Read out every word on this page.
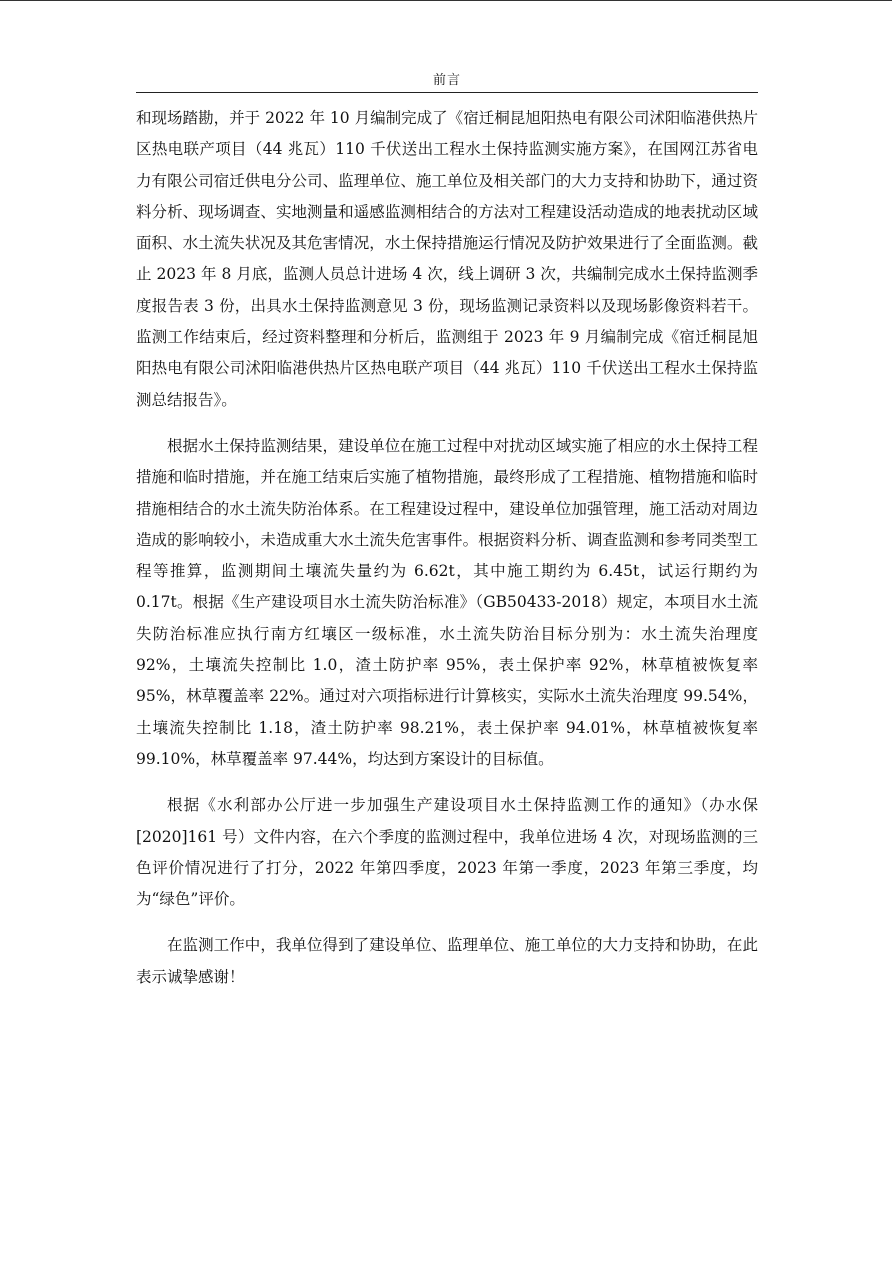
前言

和现场踏勘，并于 2022 年 10 月编制完成了《宿迁桐昆旭阳热电有限公司沭阳临港供热片区热电联产项目（44 兆瓦）110 千伏送出工程水土保持监测实施方案》，在国网江苏省电力有限公司宿迁供电分公司、监理单位、施工单位及相关部门的大力支持和协助下，通过资料分析、现场调查、实地测量和遥感监测相结合的方法对工程建设活动造成的地表扰动区域面积、水土流失状况及其危害情况，水土保持措施运行情况及防护效果进行了全面监测。截止 2023 年 8 月底，监测人员总计进场 4 次，线上调研 3 次，共编制完成水土保持监测季度报告表 3 份，出具水土保持监测意见 3 份，现场监测记录资料以及现场影像资料若干。监测工作结束后，经过资料整理和分析后，监测组于 2023 年 9 月编制完成《宿迁桐昆旭阳热电有限公司沭阳临港供热片区热电联产项目（44 兆瓦）110 千伏送出工程水土保持监测总结报告》。

根据水土保持监测结果，建设单位在施工过程中对扰动区域实施了相应的水土保持工程措施和临时措施，并在施工结束后实施了植物措施，最终形成了工程措施、植物措施和临时措施相结合的水土流失防治体系。在工程建设过程中，建设单位加强管理，施工活动对周边造成的影响较小，未造成重大水土流失危害事件。根据资料分析、调查监测和参考同类型工程等推算，监测期间土壤流失量约为 6.62t，其中施工期约为 6.45t，试运行期约为 0.17t。根据《生产建设项目水土流失防治标准》（GB50433-2018）规定，本项目水土流失防治标准应执行南方红壤区一级标准，水土流失防治目标分别为：水土流失治理度 92%，土壤流失控制比 1.0，渣土防护率 95%，表土保护率 92%，林草植被恢复率 95%，林草覆盖率 22%。通过对六项指标进行计算核实，实际水土流失治理度 99.54%，土壤流失控制比 1.18，渣土防护率 98.21%，表土保护率 94.01%，林草植被恢复率 99.10%，林草覆盖率 97.44%，均达到方案设计的目标值。

根据《水利部办公厅进一步加强生产建设项目水土保持监测工作的通知》（办水保[2020]161 号）文件内容，在六个季度的监测过程中，我单位进场 4 次，对现场监测的三色评价情况进行了打分，2022 年第四季度，2023 年第一季度，2023 年第三季度，均为“绿色”评价。

在监测工作中，我单位得到了建设单位、监理单位、施工单位的大力支持和协助，在此表示诚挚感谢！
